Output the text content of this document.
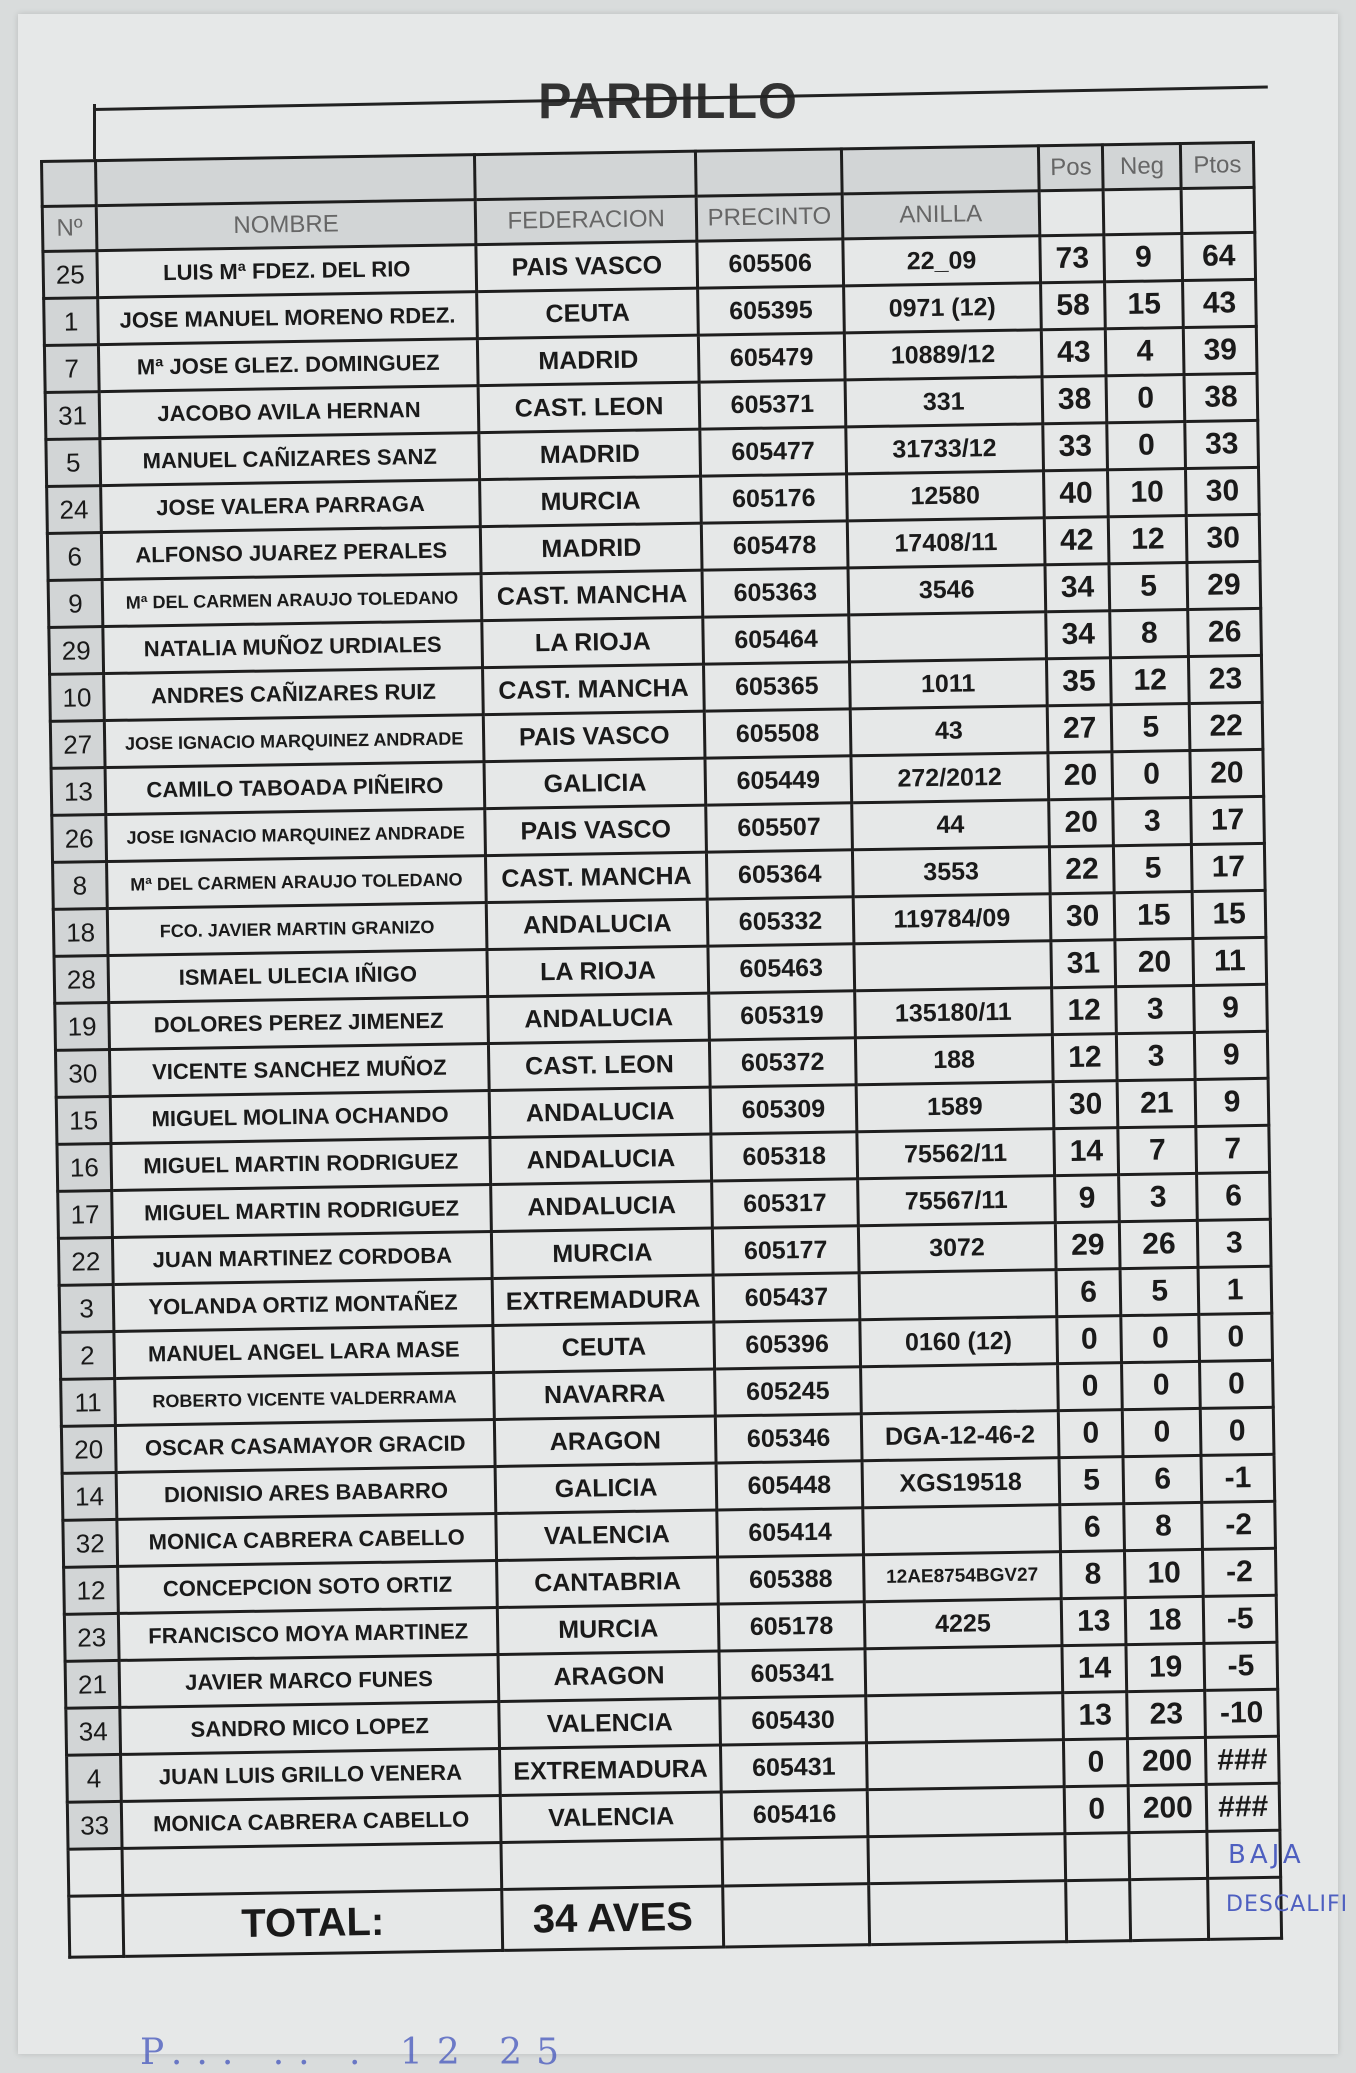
PARDILLO
					Pos	Neg	Ptos
Nº	NOMBRE	FEDERACION	PRECINTO	ANILLA			
25	LUIS Mª FDEZ. DEL RIO	PAIS VASCO	605506	22_09	73	9	64
1	JOSE MANUEL MORENO RDEZ.	CEUTA	605395	0971 (12)	58	15	43
7	Mª JOSE GLEZ. DOMINGUEZ	MADRID	605479	10889/12	43	4	39
31	JACOBO AVILA HERNAN	CAST. LEON	605371	331	38	0	38
5	MANUEL CAÑIZARES SANZ	MADRID	605477	31733/12	33	0	33
24	JOSE VALERA PARRAGA	MURCIA	605176	12580	40	10	30
6	ALFONSO JUAREZ PERALES	MADRID	605478	17408/11	42	12	30
9	Mª DEL CARMEN ARAUJO TOLEDANO	CAST. MANCHA	605363	3546	34	5	29
29	NATALIA MUÑOZ URDIALES	LA RIOJA	605464		34	8	26
10	ANDRES CAÑIZARES RUIZ	CAST. MANCHA	605365	1011	35	12	23
27	JOSE IGNACIO MARQUINEZ ANDRADE	PAIS VASCO	605508	43	27	5	22
13	CAMILO TABOADA PIÑEIRO	GALICIA	605449	272/2012	20	0	20
26	JOSE IGNACIO MARQUINEZ ANDRADE	PAIS VASCO	605507	44	20	3	17
8	Mª DEL CARMEN ARAUJO TOLEDANO	CAST. MANCHA	605364	3553	22	5	17
18	FCO. JAVIER MARTIN GRANIZO	ANDALUCIA	605332	119784/09	30	15	15
28	ISMAEL ULECIA IÑIGO	LA RIOJA	605463		31	20	11
19	DOLORES PEREZ JIMENEZ	ANDALUCIA	605319	135180/11	12	3	9
30	VICENTE SANCHEZ MUÑOZ	CAST. LEON	605372	188	12	3	9
15	MIGUEL MOLINA OCHANDO	ANDALUCIA	605309	1589	30	21	9
16	MIGUEL MARTIN RODRIGUEZ	ANDALUCIA	605318	75562/11	14	7	7
17	MIGUEL MARTIN RODRIGUEZ	ANDALUCIA	605317	75567/11	9	3	6
22	JUAN MARTINEZ CORDOBA	MURCIA	605177	3072	29	26	3
3	YOLANDA ORTIZ MONTAÑEZ	EXTREMADURA	605437		6	5	1
2	MANUEL ANGEL LARA MASE	CEUTA	605396	0160 (12)	0	0	0
11	ROBERTO VICENTE VALDERRAMA	NAVARRA	605245		0	0	0
20	OSCAR CASAMAYOR GRACID	ARAGON	605346	DGA-12-46-2	0	0	0
14	DIONISIO ARES BABARRO	GALICIA	605448	XGS19518	5	6	-1
32	MONICA CABRERA CABELLO	VALENCIA	605414		6	8	-2
12	CONCEPCION SOTO ORTIZ	CANTABRIA	605388	12AE8754BGV27	8	10	-2
23	FRANCISCO MOYA MARTINEZ	MURCIA	605178	4225	13	18	-5
21	JAVIER MARCO FUNES	ARAGON	605341		14	19	-5
34	SANDRO MICO LOPEZ	VALENCIA	605430		13	23	-10
4	JUAN LUIS GRILLO VENERA	EXTREMADURA	605431		0	200	###
33	MONICA CABRERA CABELLO	VALENCIA	605416		0	200	###

	TOTAL:	34 AVES					
BAJA
DESCALIFI
P... .. . 12 25
